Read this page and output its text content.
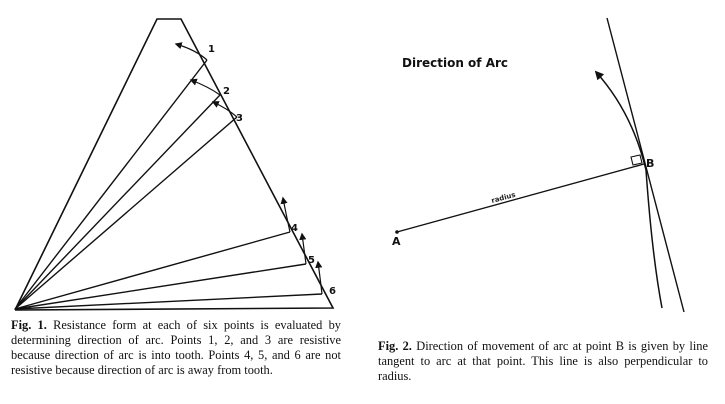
1
2
3
4
5
6
Direction of Arc
radius
A
B
Fig. 1. Resistance form at each of six points is evaluated by determining direction of arc. Points 1, 2, and 3 are resistive because direction of arc is into tooth. Points 4, 5, and 6 are not resistive because direction of arc is away from tooth.
Fig. 2. Direction of movement of arc at point B is given by line tangent to arc at that point. This line is also perpendicular to radius.
